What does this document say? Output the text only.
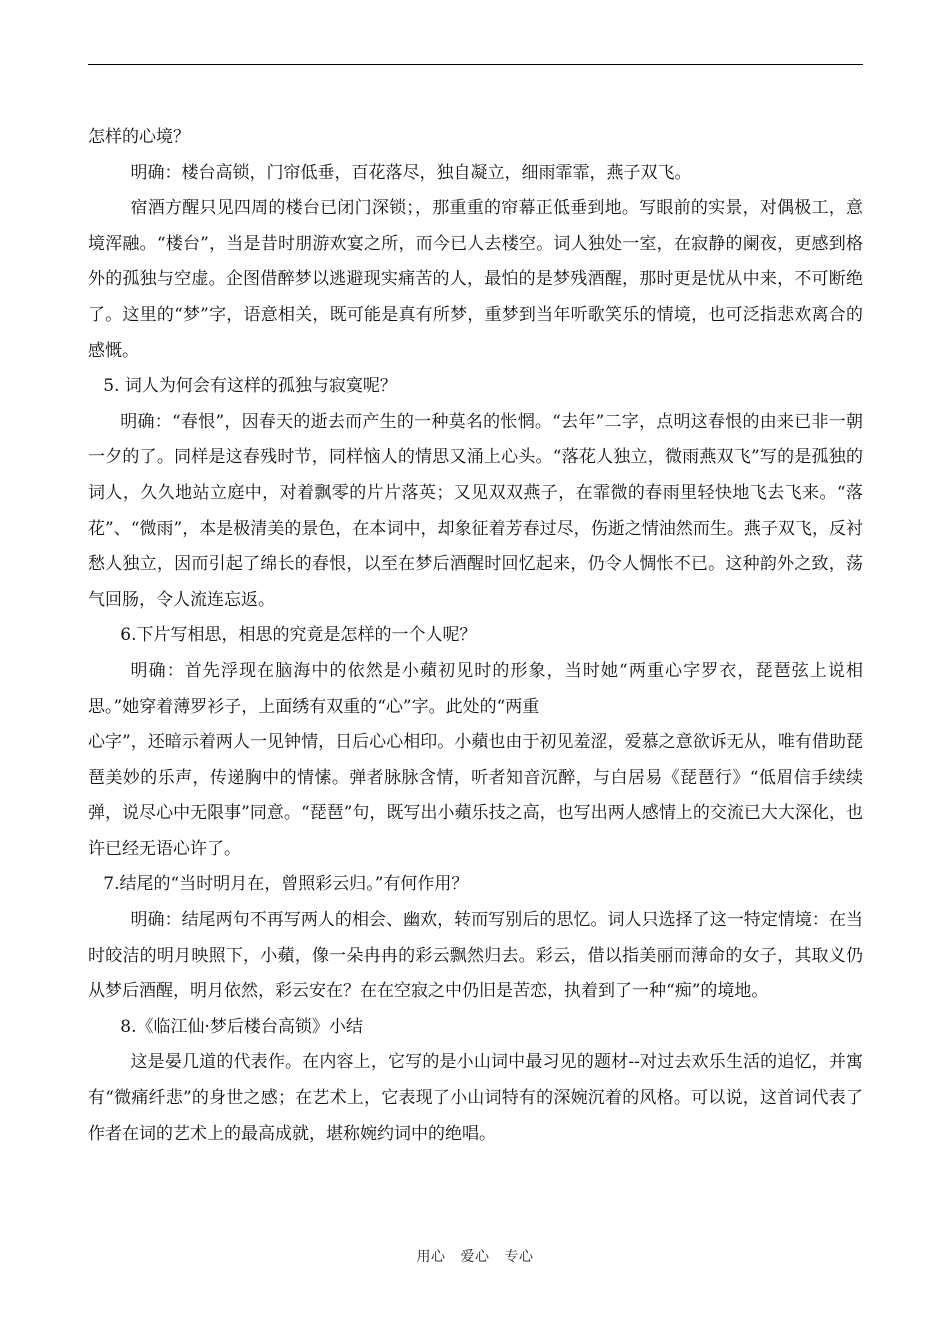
怎样的心境？

明确：楼台高锁，门帘低垂，百花落尽，独自凝立，细雨霏霏，燕子双飞。

宿酒方醒只见四周的楼台已闭门深锁；，那重重的帘幕正低垂到地。写眼前的实景，对偶极工，意境浑融。“楼台”，当是昔时朋游欢宴之所，而今已人去楼空。词人独处一室，在寂静的阑夜，更感到格外的孤独与空虚。企图借醉梦以逃避现实痛苦的人，最怕的是梦残酒醒，那时更是忧从中来，不可断绝了。这里的“梦”字，语意相关，既可能是真有所梦，重梦到当年听歌笑乐的情境，也可泛指悲欢离合的感慨。

5. 词人为何会有这样的孤独与寂寞呢？

明确：“春恨”，因春天的逝去而产生的一种莫名的怅惘。“去年”二字，点明这春恨的由来已非一朝一夕的了。同样是这春残时节，同样恼人的情思又涌上心头。“落花人独立，微雨燕双飞”写的是孤独的词人，久久地站立庭中，对着飘零的片片落英；又见双双燕子，在霏微的春雨里轻快地飞去飞来。“落花”、“微雨”，本是极清美的景色，在本词中，却象征着芳春过尽，伤逝之情油然而生。燕子双飞，反衬愁人独立，因而引起了绵长的春恨，以至在梦后酒醒时回忆起来，仍令人惆怅不已。这种韵外之致，荡气回肠，令人流连忘返。

6.下片写相思，相思的究竟是怎样的一个人呢？

明确：首先浮现在脑海中的依然是小蘋初见时的形象，当时她“两重心字罗衣，琵琶弦上说相思。”她穿着薄罗衫子，上面绣有双重的“心”字。此处的“两重

心字”，还暗示着两人一见钟情，日后心心相印。小蘋也由于初见羞涩，爱慕之意欲诉无从，唯有借助琵琶美妙的乐声，传递胸中的情愫。弹者脉脉含情，听者知音沉醉，与白居易《琵琶行》“低眉信手续续弹，说尽心中无限事”同意。“琵琶”句，既写出小蘋乐技之高，也写出两人感情上的交流已大大深化，也许已经无语心许了。

7.结尾的“当时明月在，曾照彩云归。”有何作用？

明确：结尾两句不再写两人的相会、幽欢，转而写别后的思忆。词人只选择了这一特定情境：在当时皎洁的明月映照下，小蘋，像一朵冉冉的彩云飘然归去。彩云，借以指美丽而薄命的女子，其取义仍从梦后酒醒，明月依然，彩云安在？在在空寂之中仍旧是苦恋，执着到了一种“痴”的境地。

8.《临江仙·梦后楼台高锁》小结

这是晏几道的代表作。在内容上，它写的是小山词中最习见的题材--对过去欢乐生活的追忆，并寓有“微痛纤悲”的身世之感；在艺术上，它表现了小山词特有的深婉沉着的风格。可以说，这首词代表了作者在词的艺术上的最高成就，堪称婉约词中的绝唱。

用心 爱心 专心
